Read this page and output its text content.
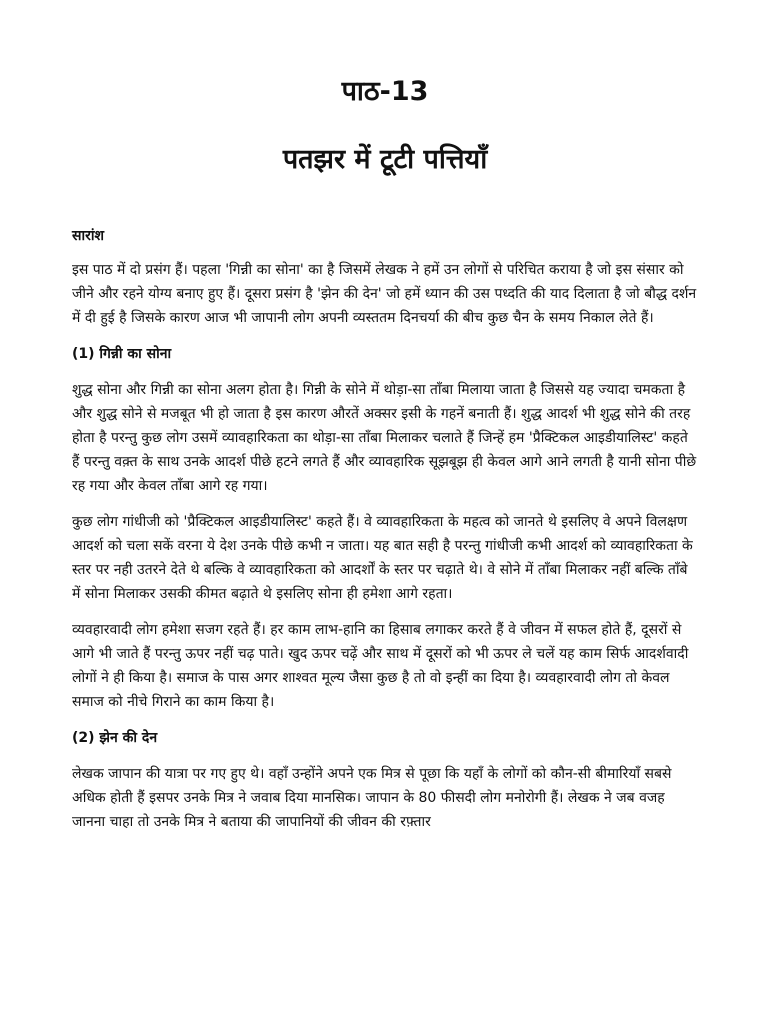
पाठ-13
पतझर में टूटी पत्तियाँ
सारांश

इस पाठ में दो प्रसंग हैं। पहला 'गिन्नी का सोना' का है जिसमें लेखक ने हमें उन लोगों से परिचित कराया है जो इस संसार को जीने और रहने योग्य बनाए हुए हैं। दूसरा प्रसंग है 'झेन की देन' जो हमें ध्यान की उस पध्दति की याद दिलाता है जो बौद्ध दर्शन में दी हुई है जिसके कारण आज भी जापानी लोग अपनी व्यस्ततम दिनचर्या की बीच कुछ चैन के समय निकाल लेते हैं।

(1) गिन्नी का सोना

शुद्ध सोना और गिन्नी का सोना अलग होता है। गिन्नी के सोने में थोड़ा-सा ताँबा मिलाया जाता है जिससे यह ज्यादा चमकता है और शुद्ध सोने से मजबूत भी हो जाता है इस कारण औरतें अक्सर इसी के गहनें बनाती हैं। शुद्ध आदर्श भी शुद्ध सोने की तरह होता है परन्तु कुछ लोग उसमें व्यावहारिकता का थोड़ा-सा ताँबा मिलाकर चलाते हैं जिन्हें हम 'प्रैक्टिकल आइडीयालिस्ट' कहते हैं परन्तु वक़्त के साथ उनके आदर्श पीछे हटने लगते हैं और व्यावहारिक सूझबूझ ही केवल आगे आने लगती है यानी सोना पीछे रह गया और केवल ताँबा आगे रह गया।

कुछ लोग गांधीजी को 'प्रैक्टिकल आइडीयालिस्ट' कहते हैं। वे व्यावहारिकता के महत्व को जानते थे इसलिए वे अपने विलक्षण आदर्श को चला सकें वरना ये देश उनके पीछे कभी न जाता। यह बात सही है परन्तु गांधीजी कभी आदर्श को व्यावहारिकता के स्तर पर नही उतरने देते थे बल्कि वे व्यावहारिकता को आदर्शों के स्तर पर चढ़ाते थे। वे सोने में ताँबा मिलाकर नहीं बल्कि ताँबे में सोना मिलाकर उसकी कीमत बढ़ाते थे इसलिए सोना ही हमेशा आगे रहता।

व्यवहारवादी लोग हमेशा सजग रहते हैं। हर काम लाभ-हानि का हिसाब लगाकर करते हैं वे जीवन में सफल होते हैं, दूसरों से आगे भी जाते हैं परन्तु ऊपर नहीं चढ़ पाते। खुद ऊपर चढ़ें और साथ में दूसरों को भी ऊपर ले चलें यह काम सिर्फ आदर्शवादी लोगों ने ही किया है। समाज के पास अगर शाश्वत मूल्य जैसा कुछ है तो वो इन्हीं का दिया है। व्यवहारवादी लोग तो केवल समाज को नीचे गिराने का काम किया है।

(2) झेन की देन

लेखक जापान की यात्रा पर गए हुए थे। वहाँ उन्होंने अपने एक मित्र से पूछा कि यहाँ के लोगों को कौन-सी बीमारियाँ सबसे अधिक होती हैं इसपर उनके मित्र ने जवाब दिया मानसिक। जापान के 80 फीसदी लोग मनोरोगी हैं। लेखक ने जब वजह जानना चाहा तो उनके मित्र ने बताया की जापानियों की जीवन की रफ़्तार
